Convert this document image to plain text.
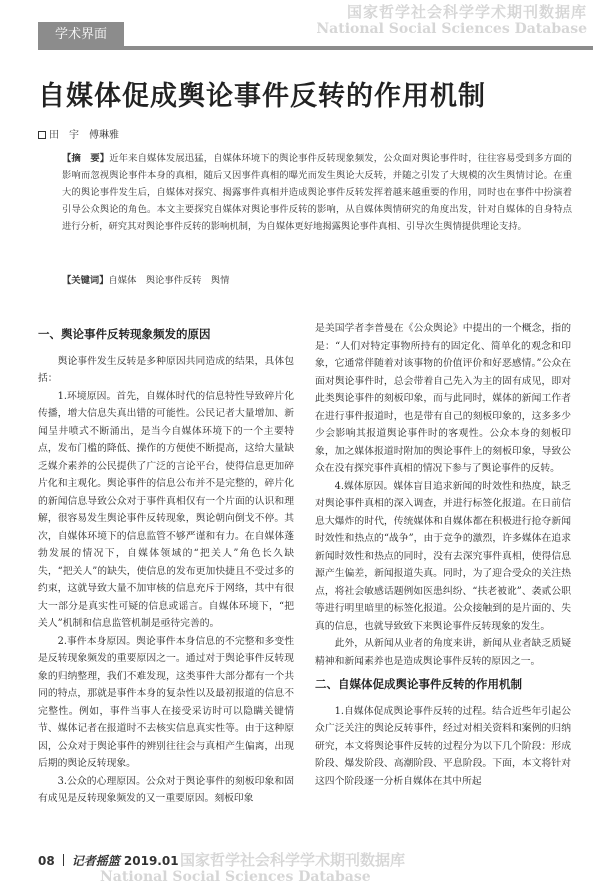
学术界面
国家哲学社会科学学术期刊数据库
National Social Sciences Database
自媒体促成舆论事件反转的作用机制
田　宇　傅琳雅
【摘　要】近年来自媒体发展迅猛，自媒体环境下的舆论事件反转现象频发，公众面对舆论事件时，往往容易受到多方面的影响而忽视舆论事件本身的真相，随后又因事件真相的曝光而发生舆论大反转，并随之引发了大规模的次生舆情讨论。在重大的舆论事件发生后，自媒体对探究、揭露事件真相并造成舆论事件反转发挥着越来越重要的作用，同时也在事件中扮演着引导公众舆论的角色。本文主要探究自媒体对舆论事件反转的影响，从自媒体舆情研究的角度出发，针对自媒体的自身特点进行分析，研究其对舆论事件反转的影响机制，为自媒体更好地揭露舆论事件真相、引导次生舆情提供理论支持。
【关键词】自媒体　舆论事件反转　舆情
一、舆论事件反转现象频发的原因

舆论事件发生反转是多种原因共同造成的结果，具体包括：

1.环境原因。首先，自媒体时代的信息特性导致碎片化传播，增大信息失真出错的可能性。公民记者大量增加、新闻呈井喷式不断涌出，是当今自媒体环境下的一个主要特点，发布门槛的降低、操作的方便使不断提高，这给大量缺乏媒介素养的公民提供了广泛的言论平台，使得信息更加碎片化和主观化。舆论事件的信息公布并不是完整的，碎片化的新闻信息导致公众对于事件真相仅有一个片面的认识和理解，很容易发生舆论事件反转现象，舆论朝向倒戈不停。其次，自媒体环境下的信息监管不够严谨和有力。在自媒体蓬勃发展的情况下，自媒体领域的“把关人”角色长久缺失，“把关人”的缺失，使信息的发布更加快捷且不受过多的约束，这就导致大量不加审核的信息充斥于网络，其中有很大一部分是真实性可疑的信息或谣言。自媒体环境下，“把关人”机制和信息监管机制是亟待完善的。

2.事件本身原因。舆论事件本身信息的不完整和多变性是反转现象频发的重要原因之一。通过对于舆论事件反转现象的归纳整理，我们不难发现，这类事件大部分都有一个共同的特点，那就是事件本身的复杂性以及最初报道的信息不完整性。例如，事件当事人在接受采访时可以隐瞒关键情节、媒体记者在报道时不去核实信息真实性等。由于这种原因，公众对于舆论事件的辨别往往会与真相产生偏离，出现后期的舆论反转现象。

3.公众的心理原因。公众对于舆论事件的刻板印象和固有成见是反转现象频发的又一重要原因。刻板印象

是美国学者李普曼在《公众舆论》中提出的一个概念，指的是：“人们对特定事物所持有的固定化、简单化的观念和印象，它通常伴随着对该事物的价值评价和好恶感情。”公众在面对舆论事件时，总会带着自己先入为主的固有成见，即对此类舆论事件的刻板印象，而与此同时，媒体的新闻工作者在进行事件报道时，也是带有自己的刻板印象的，这多多少少会影响其报道舆论事件时的客观性。公众本身的刻板印象，加之媒体报道时附加的舆论事件上的刻板印象，导致公众在没有探究事件真相的情况下参与了舆论事件的反转。

4.媒体原因。媒体盲目追求新闻的时效性和热度，缺乏对舆论事件真相的深入调查，并进行标签化报道。在日前信息大爆炸的时代，传统媒体和自媒体都在积极进行抢夺新闻时效性和热点的“战争”，由于竞争的激烈，许多媒体在追求新闻时效性和热点的同时，没有去深究事件真相，使得信息源产生偏差，新闻报道失真。同时，为了迎合受众的关注热点，将社会敏感话题例如医患纠纷、“扶老被讹”、袭贰公职等进行明里暗里的标签化报道。公众接触到的是片面的、失真的信息，也就导致致下来舆论事件反转现象的发生。

此外，从新闻从业者的角度来讲，新闻从业者缺乏质疑精神和新闻素养也是造成舆论事件反转的原因之一。

二、自媒体促成舆论事件反转的作用机制

1.自媒体促成舆论事件反转的过程。结合近些年引起公众广泛关注的舆论反转事件，经过对相关资料和案例的归纳研究，本文将舆论事件反转的过程分为以下几个阶段：形成阶段、爆发阶段、高潮阶段、平息阶段。下面，本文将针对这四个阶段逐一分析自媒体在其中所起

国家哲学社会科学学术期刊数据库
National Social Sciences Database
08 记者摇篮 2019.01
